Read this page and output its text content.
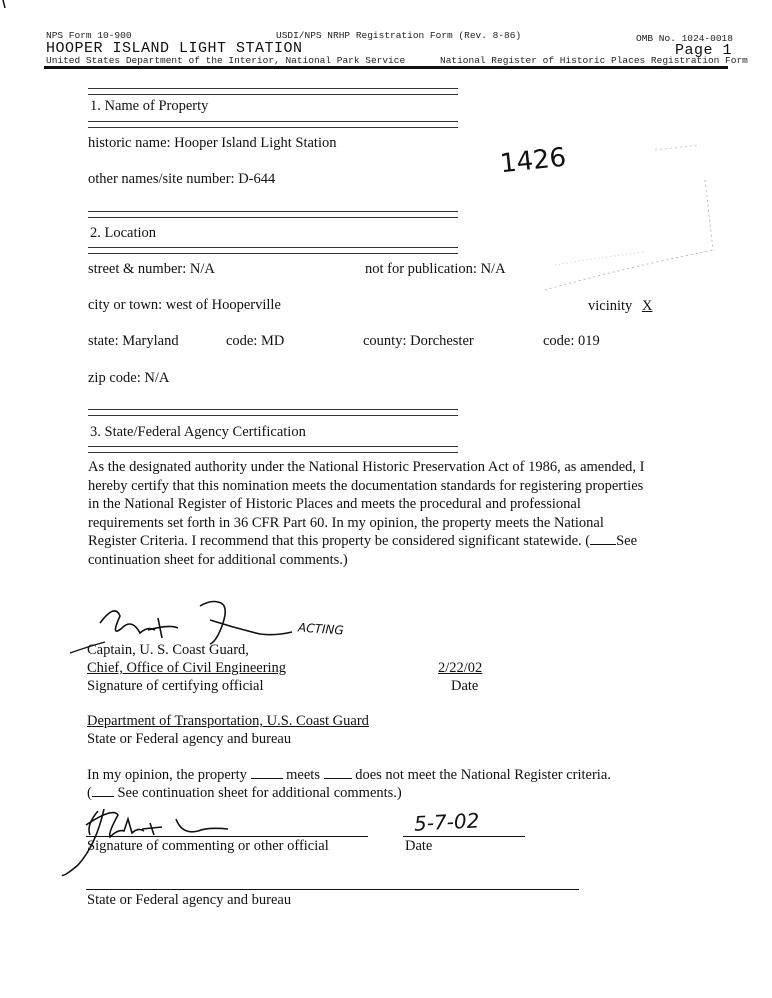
NPS Form 10-900	USDI/NPS NRHP Registration Form (Rev. 8-86)	OMB No. 1024-0018
HOOPER ISLAND LIGHT STATION	Page 1
United States Department of the Interior, National Park Service	National Register of Historic Places Registration Form
1. Name of Property
historic name: Hooper Island Light Station
other names/site number: D-644	1426
2. Location
street & number: N/A	not for publication: N/A
city or town: west of Hooperville	vicinity X
state: Maryland	code: MD	county: Dorchester	code: 019
zip code: N/A
3. State/Federal Agency Certification
As the designated authority under the National Historic Preservation Act of 1986, as amended, I
hereby certify that this nomination meets the documentation standards for registering properties
in the National Register of Historic Places and meets the procedural and professional
requirements set forth in 36 CFR Part 60. In my opinion, the property meets the National
Register Criteria. I recommend that this property be considered significant statewide. ( See
continuation sheet for additional comments.)
ACTING
Captain, U. S. Coast Guard,
Chief, Office of Civil Engineering	2/22/02
Signature of certifying official	Date
Department of Transportation, U.S. Coast Guard
State or Federal agency and bureau
In my opinion, the property	meets does not meet the National Register criteria.
( See continuation sheet for additional comments.)
5-7-02
Signature of commenting or other official	Date
State or Federal agency and bureau
